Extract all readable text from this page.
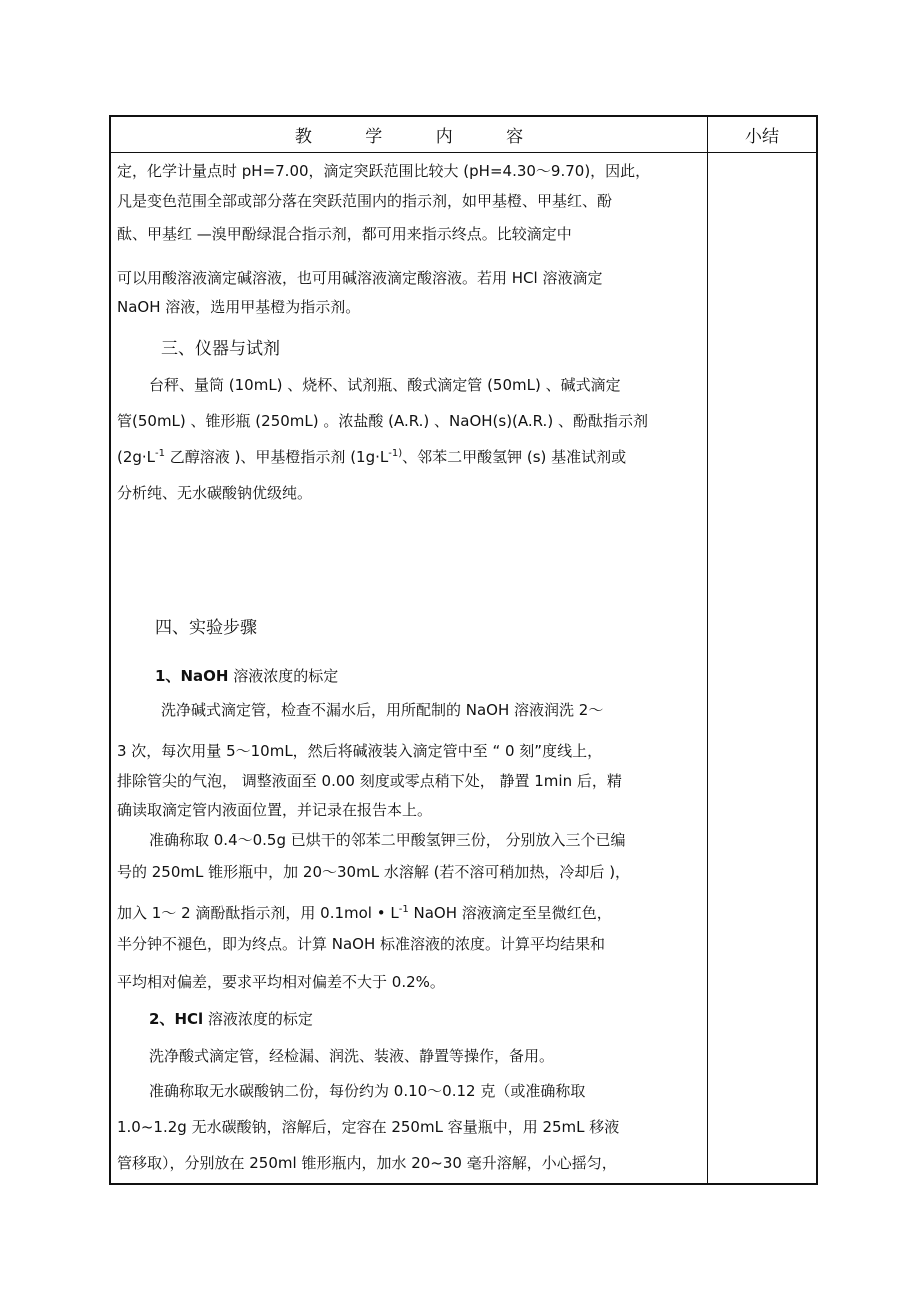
教 学 内 容	小结
定，化学计量点时 pH=7.00，滴定突跃范围比较大 (pH=4.30～9.70)，因此，
凡是变色范围全部或部分落在突跃范围内的指示剂，如甲基橙、甲基红、酚
酞、甲基红 —溴甲酚绿混合指示剂，都可用来指示终点。比较滴定中
可以用酸溶液滴定碱溶液，也可用碱溶液滴定酸溶液。若用 HCl 溶液滴定
NaOH 溶液，选用甲基橙为指示剂。
三、仪器与试剂
台秤、量筒 (10mL) 、烧杯、试剂瓶、酸式滴定管 (50mL) 、碱式滴定
管(50mL) 、锥形瓶 (250mL) 。浓盐酸 (A.R.) 、NaOH(s)(A.R.) 、酚酞指示剂
($2g\cdot L^{-1}$ 乙醇溶液 )、甲基橙指示剂 ($1g\cdot L^{-1)}$、邻苯二甲酸氢钾 (s) 基准试剂或
分析纯、无水碳酸钠优级纯。
四、实验步骤
1、NaOH 溶液浓度的标定
洗净碱式滴定管，检查不漏水后，用所配制的 NaOH 溶液润洗 2～
3 次，每次用量 5～10mL，然后将碱液装入滴定管中至 “ 0 刻”度线上，
排除管尖的气泡， 调整液面至 0.00 刻度或零点稍下处， 静置 1min 后，精
确读取滴定管内液面位置，并记录在报告本上。
准确称取 0.4～0.5g 已烘干的邻苯二甲酸氢钾三份， 分别放入三个已编
号的 250mL 锥形瓶中，加 20～30mL 水溶解 (若不溶可稍加热，冷却后 )，
加入 1～ 2 滴酚酞指示剂，用 0.1mol • $L^{-1}$ NaOH 溶液滴定至呈微红色，
半分钟不褪色，即为终点。计算 NaOH 标准溶液的浓度。计算平均结果和
平均相对偏差，要求平均相对偏差不大于 0.2%。
2、HCl 溶液浓度的标定
洗净酸式滴定管，经检漏、润洗、装液、静置等操作，备用。
准确称取无水碳酸钠二份，每份约为 0.10～0.12 克（或准确称取
1.0~1.2g 无水碳酸钠，溶解后，定容在 250mL 容量瓶中，用 25mL 移液
管移取），分别放在 250ml 锥形瓶内，加水 20~30 毫升溶解，小心摇匀，
